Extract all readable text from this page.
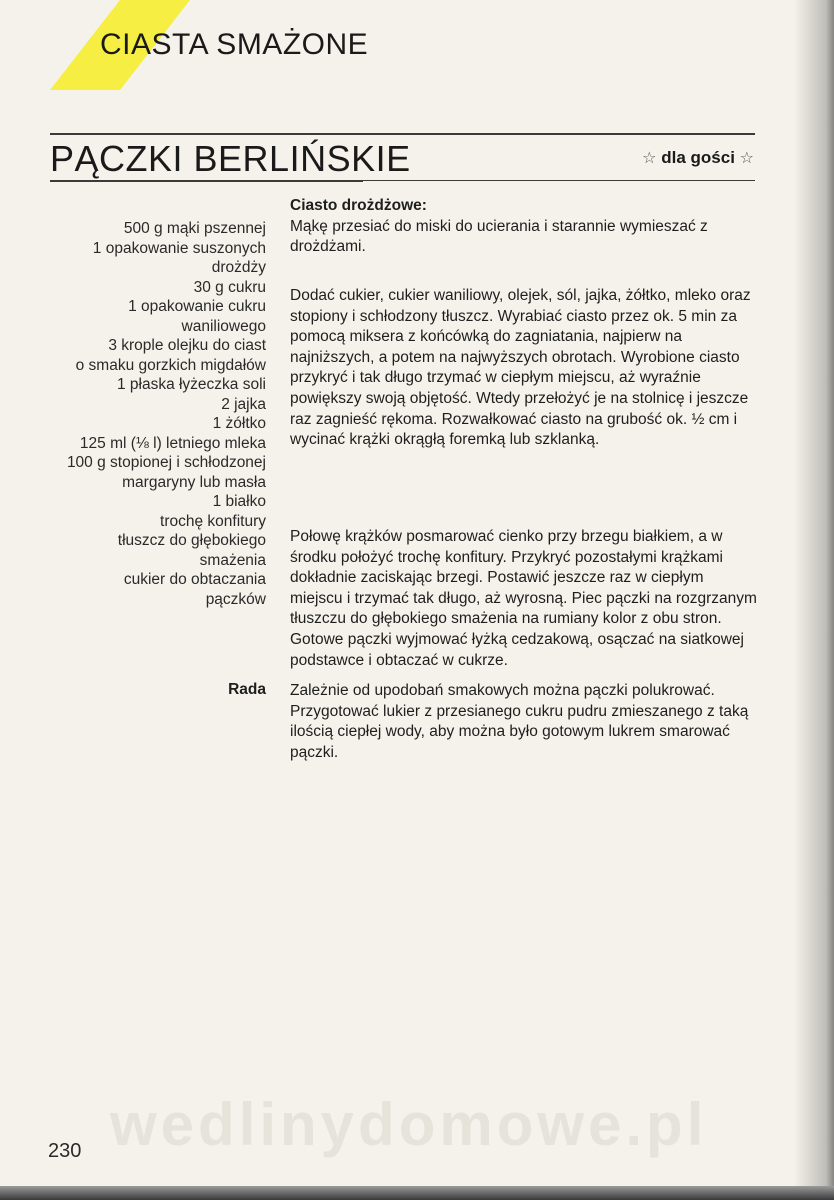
CIASTA SMAŻONE
PĄCZKI BERLIŃSKIE	☆ dla gości ☆
500 g mąki pszennej
1 opakowanie suszonych
drożdży
30 g cukru
1 opakowanie cukru
waniliowego
3 krople olejku do ciast
o smaku gorzkich migdałów
1 płaska łyżeczka soli
2 jajka
1 żółtko
125 ml (⅛ l) letniego mleka
100 g stopionej i schłodzonej
margaryny lub masła
1 białko
trochę konfitury
tłuszcz do głębokiego
smażenia
cukier do obtaczania
pączków
Rada
Ciasto drożdżowe:
Mąkę przesiać do miski do ucierania i starannie wymieszać z drożdżami.
Dodać cukier, cukier waniliowy, olejek, sól, jajka, żółtko, mleko oraz stopiony i schłodzony tłuszcz. Wyrabiać ciasto przez ok. 5 min za pomocą miksera z końcówką do zagniatania, najpierw na najniższych, a potem na najwyższych obrotach. Wyrobione ciasto przykryć i tak długo trzymać w ciepłym miejscu, aż wyraźnie powiększy swoją objętość. Wtedy przełożyć je na stolnicę i jeszcze raz zagnieść rękoma. Rozwałkować ciasto na grubość ok. ½ cm i wycinać krążki okrągłą foremką lub szklanką.
Połowę krążków posmarować cienko przy brzegu białkiem, a w środku położyć trochę konfitury. Przykryć pozostałymi krążkami dokładnie zaciskając brzegi. Postawić jeszcze raz w ciepłym miejscu i trzymać tak długo, aż wyrosną. Piec pączki na rozgrzanym tłuszczu do głębokiego smażenia na rumiany kolor z obu stron. Gotowe pączki wyjmować łyżką cedzakową, osączać na siatkowej podstawce i obtaczać w cukrze.
Zależnie od upodobań smakowych można pączki polukrować. Przygotować lukier z przesianego cukru pudru zmieszanego z taką ilością ciepłej wody, aby można było gotowym lukrem smarować pączki.
wedlinydomowe.pl
230
